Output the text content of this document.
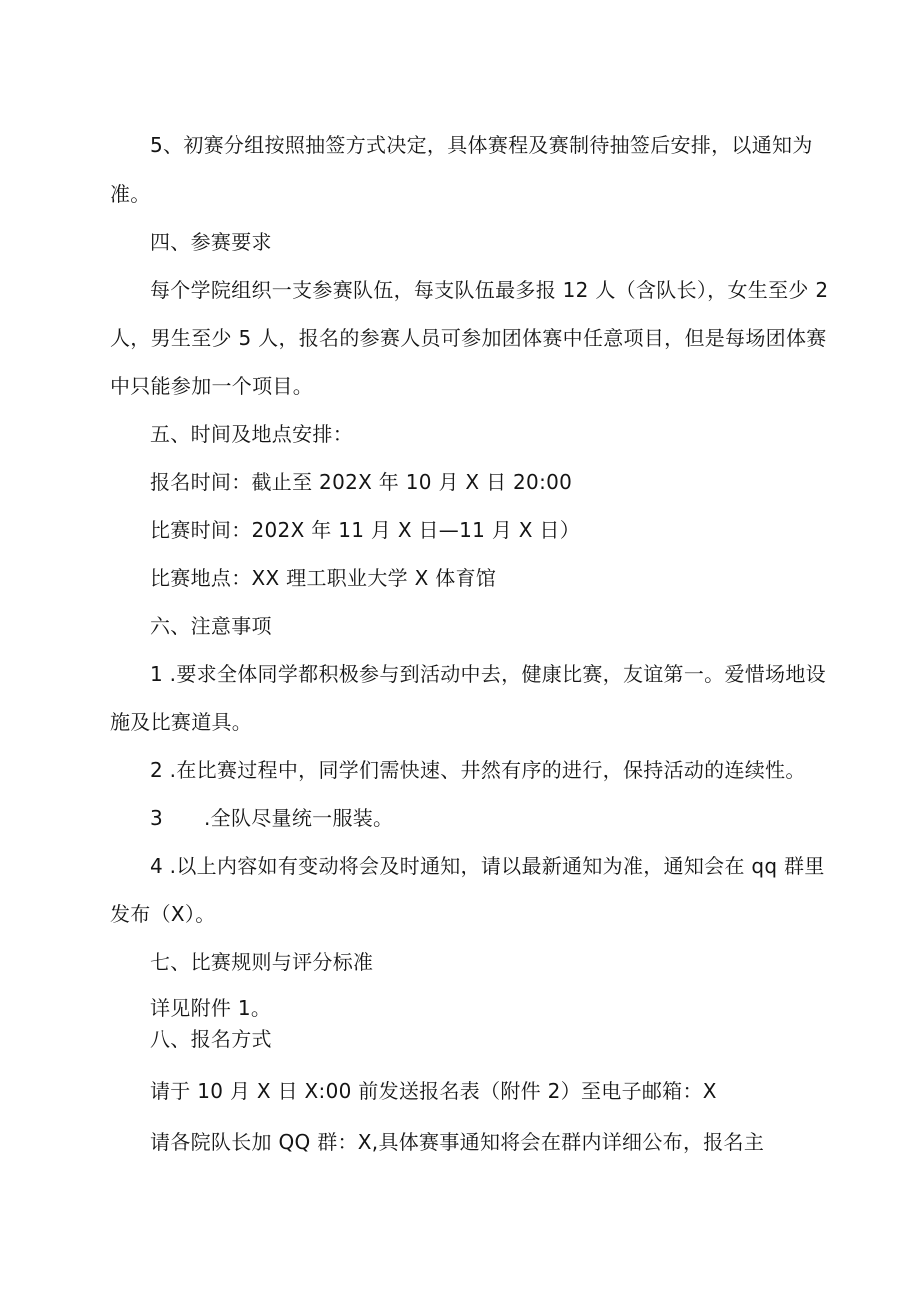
5、初赛分组按照抽签方式决定，具体赛程及赛制待抽签后安排，以通知为

准。

四、参赛要求

每个学院组织一支参赛队伍，每支队伍最多报 12 人（含队长），女生至少 2

人，男生至少 5 人，报名的参赛人员可参加团体赛中任意项目，但是每场团体赛

中只能参加一个项目。

五、时间及地点安排：

报名时间：截止至 202X 年 10 月 X 日 20:00

比赛时间：202X 年 11 月 X 日—11 月 X 日）

比赛地点：XX 理工职业大学 X 体育馆

六、注意事项

1 .要求全体同学都积极参与到活动中去，健康比赛，友谊第一。爱惜场地设

施及比赛道具。

2 .在比赛过程中，同学们需快速、井然有序的进行，保持活动的连续性。

3 .全队尽量统一服装。

4 .以上内容如有变动将会及时通知，请以最新通知为准，通知会在 qq 群里

发布（X）。

七、比赛规则与评分标准

详见附件 1。

八、报名方式

请于 10 月 X 日 X:00 前发送报名表（附件 2）至电子邮箱：X

请各院队长加 QQ 群：X,具体赛事通知将会在群内详细公布，报名主
